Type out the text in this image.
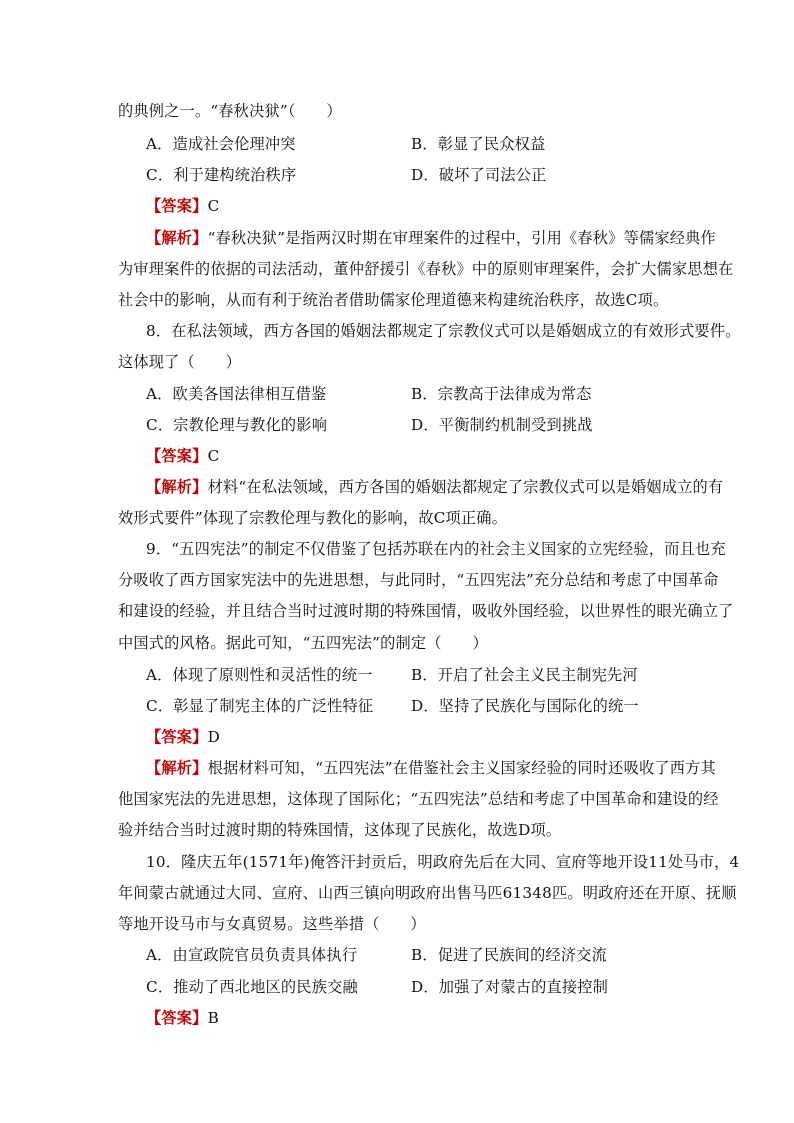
的典例之一。“春秋决狱”（　　）
A．造成社会伦理冲突	B．彰显了民众权益
C．利于建构统治秩序	D．破坏了司法公正
【答案】C
【解析】“春秋决狱”是指两汉时期在审理案件的过程中，引用《春秋》等儒家经典作
为审理案件的依据的司法活动，董仲舒援引《春秋》中的原则审理案件，会扩大儒家思想在
社会中的影响，从而有利于统治者借助儒家伦理道德来构建统治秩序，故选C项。
8．在私法领域，西方各国的婚姻法都规定了宗教仪式可以是婚姻成立的有效形式要件。
这体现了（　　）
A．欧美各国法律相互借鉴	B．宗教高于法律成为常态
C．宗教伦理与教化的影响	D．平衡制约机制受到挑战
【答案】C
【解析】材料“在私法领域，西方各国的婚姻法都规定了宗教仪式可以是婚姻成立的有
效形式要件”体现了宗教伦理与教化的影响，故C项正确。
9．“五四宪法”的制定不仅借鉴了包括苏联在内的社会主义国家的立宪经验，而且也充
分吸收了西方国家宪法中的先进思想，与此同时，“五四宪法”充分总结和考虑了中国革命
和建设的经验，并且结合当时过渡时期的特殊国情，吸收外国经验，以世界性的眼光确立了
中国式的风格。据此可知，“五四宪法”的制定（　　）
A．体现了原则性和灵活性的统一	B．开启了社会主义民主制宪先河
C．彰显了制宪主体的广泛性特征 D．坚持了民族化与国际化的统一
【答案】D
【解析】根据材料可知，“五四宪法”在借鉴社会主义国家经验的同时还吸收了西方其
他国家宪法的先进思想，这体现了国际化；“五四宪法”总结和考虑了中国革命和建设的经
验并结合当时过渡时期的特殊国情，这体现了民族化，故选D项。
10．隆庆五年(1571年)俺答汗封贡后，明政府先后在大同、宣府等地开设11处马市，4
年间蒙古就通过大同、宣府、山西三镇向明政府出售马匹61348匹。明政府还在开原、抚顺
等地开设马市与女真贸易。这些举措（　　）
A．由宣政院官员负责具体执行	B．促进了民族间的经济交流
C．推动了西北地区的民族交融	D．加强了对蒙古的直接控制
【答案】B
